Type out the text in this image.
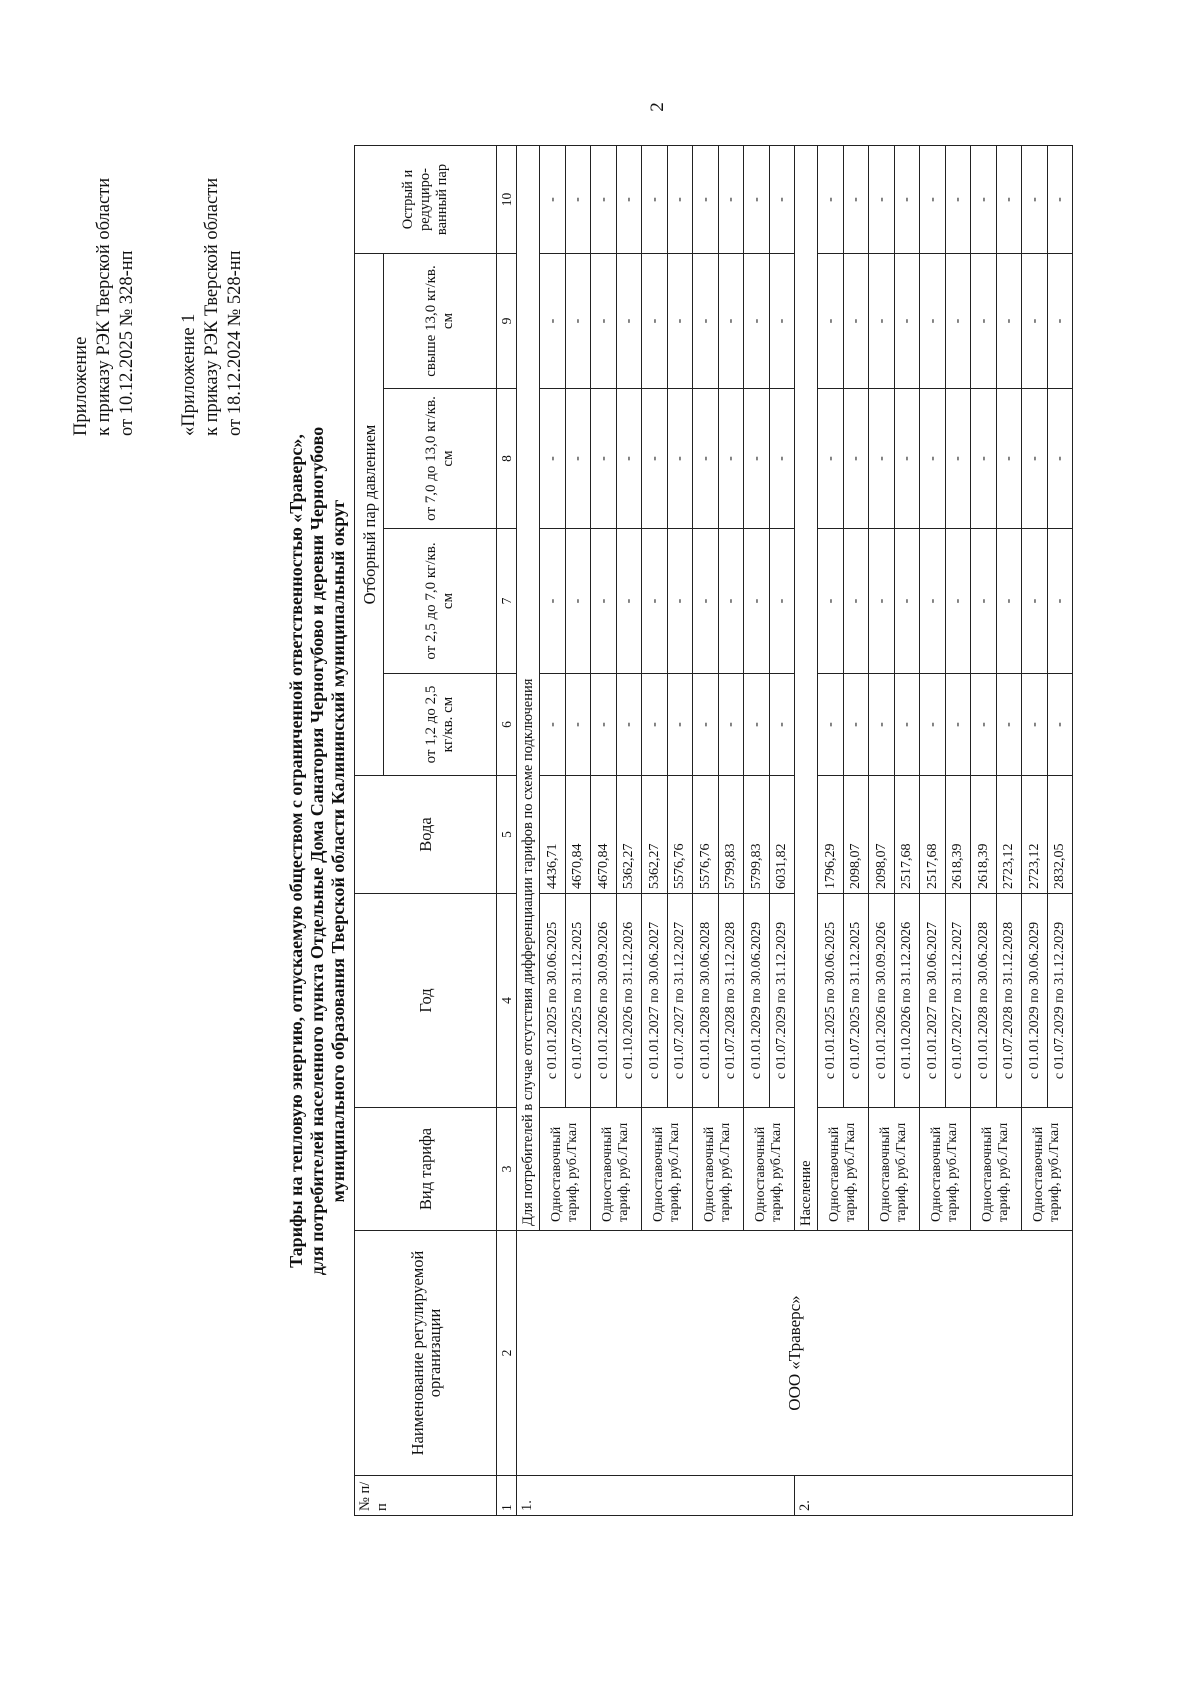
2
Приложение к приказу РЭК Тверской области от 10.12.2025 № 328-нп «Приложение 1 к приказу РЭК Тверской области от 18.12.2024 № 528-нп
Тарифы на тепловую энергию, отпускаемую обществом с ограниченной ответственностью «Траверс», для потребителей населенного пункта Отдельные Дома Санатория Черногубово и деревни Черногубово муниципального образования Тверской области Калининский муниципальный округ
№ п/ п	Наименование регулируемой организации	Вид тарифа	Год	Вода	Отборный пар давлением				Острый и редуциро-ванный пар
					от 1,2 до 2,5 кг/кв. см	от 2,5 до 7,0 кг/кв. см	от 7,0 до 13,0 кг/кв. см	свыше 13,0 кг/кв. см	
1	2	3	4	5	6	7	8	9	10
1.	ООО «Траверс»	Для потребителей в случае отсутствия дифференциации тарифов по схеме подключения							

		Одноставочный тариф, руб./Гкал	с 01.01.2025 по 30.06.2025	4436,71	-	-	-	-	-
			с 01.07.2025 по 31.12.2025	4670,84	-	-	-	-	-

		Одноставочный тариф, руб./Гкал	с 01.01.2026 по 30.09.2026	4670,84	-	-	-	-	-
			с 01.10.2026 по 31.12.2026	5362,27	-	-	-	-	-

		Одноставочный тариф, руб./Гкал	с 01.01.2027 по 30.06.2027	5362,27	-	-	-	-	-
			с 01.07.2027 по 31.12.2027	5576,76	-	-	-	-	-

		Одноставочный тариф, руб./Гкал	с 01.01.2028 по 30.06.2028	5576,76	-	-	-	-	-
			с 01.07.2028 по 31.12.2028	5799,83	-	-	-	-	-

		Одноставочный тариф, руб./Гкал	с 01.01.2029 по 30.06.2029	5799,83	-	-	-	-	-
			с 01.07.2029 по 31.12.2029	6031,82	-	-	-	-	-
2.		Население							

		Одноставочный тариф, руб./Гкал	с 01.01.2025 по 30.06.2025	1796,29	-	-	-	-	-
			с 01.07.2025 по 31.12.2025	2098,07	-	-	-	-	-

		Одноставочный тариф, руб./Гкал	с 01.01.2026 по 30.09.2026	2098,07	-	-	-	-	-
			с 01.10.2026 по 31.12.2026	2517,68	-	-	-	-	-

		Одноставочный тариф, руб./Гкал	с 01.01.2027 по 30.06.2027	2517,68	-	-	-	-	-
			с 01.07.2027 по 31.12.2027	2618,39	-	-	-	-	-

		Одноставочный тариф, руб./Гкал	с 01.01.2028 по 30.06.2028	2618,39	-	-	-	-	-
			с 01.07.2028 по 31.12.2028	2723,12	-	-	-	-	-

		Одноставочный тариф, руб./Гкал	с 01.01.2029 по 30.06.2029	2723,12	-	-	-	-	-
			с 01.07.2029 по 31.12.2029	2832,05	-	-	-	-	-
